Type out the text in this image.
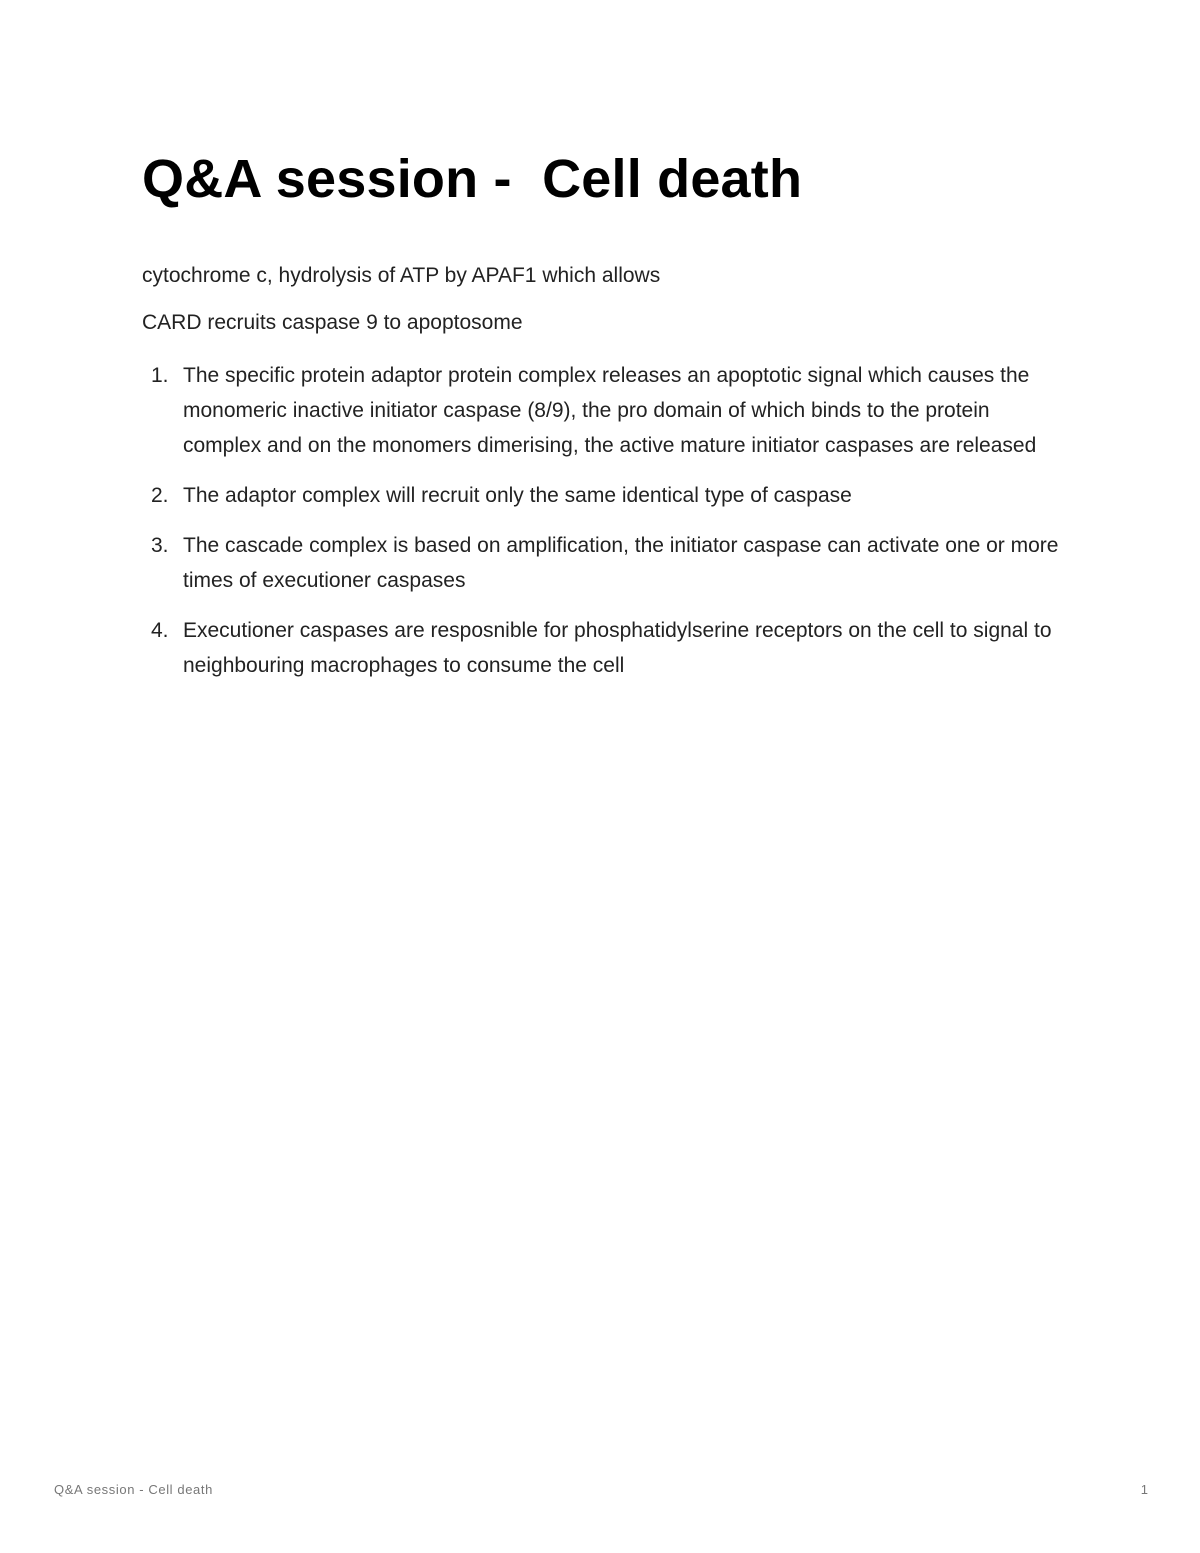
Q&A session -  Cell death

cytochrome c, hydrolysis of ATP by APAF1 which allows

CARD recruits caspase 9 to apoptosome

1. The specific protein adaptor protein complex releases an apoptotic signal which causes the monomeric inactive initiator caspase (8/9), the pro domain of which binds to the protein complex and on the monomers dimerising, the active mature initiator caspases are released
2. The adaptor complex will recruit only the same identical type of caspase
3. The cascade complex is based on amplification, the initiator caspase can activate one or more times of executioner caspases
4. Executioner caspases are resposnible for phosphatidylserine receptors on the cell to signal to neighbouring macrophages to consume the cell
Q&A session - Cell death	1
